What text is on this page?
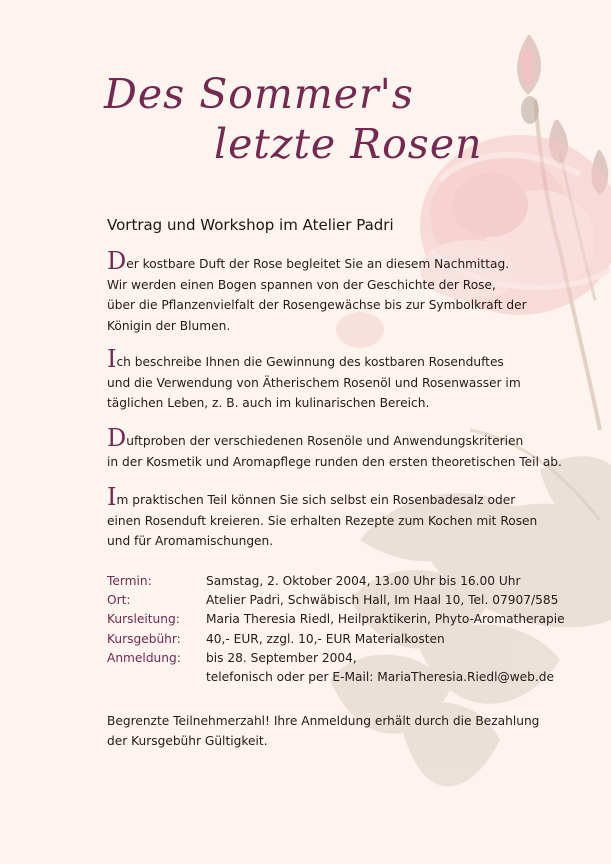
Des Sommer's
letzte Rosen
Vortrag und Workshop im Atelier Padri
Der kostbare Duft der Rose begleitet Sie an diesem Nachmittag.
Wir werden einen Bogen spannen von der Geschichte der Rose,
über die Pflanzenvielfalt der Rosengewächse bis zur Symbolkraft der
Königin der Blumen.
Ich beschreibe Ihnen die Gewinnung des kostbaren Rosenduftes
und die Verwendung von Ätherischem Rosenöl und Rosenwasser im
täglichen Leben, z. B. auch im kulinarischen Bereich.
Duftproben der verschiedenen Rosenöle und Anwendungskriterien
in der Kosmetik und Aromapflege runden den ersten theoretischen Teil ab.
Im praktischen Teil können Sie sich selbst ein Rosenbadesalz oder
einen Rosenduft kreieren. Sie erhalten Rezepte zum Kochen mit Rosen
und für Aromamischungen.
Termin:	Samstag, 2. Oktober 2004, 13.00 Uhr bis 16.00 Uhr
Ort:	Atelier Padri, Schwäbisch Hall, Im Haal 10, Tel. 07907/585
Kursleitung:	Maria Theresia Riedl, Heilpraktikerin, Phyto-Aromatherapie
Kursgebühr:	40,- EUR, zzgl. 10,- EUR Materialkosten
Anmeldung:	bis 28. September 2004,
telefonisch oder per E-Mail: MariaTheresia.Riedl@web.de
Begrenzte Teilnehmerzahl! Ihre Anmeldung erhält durch die Bezahlung
der Kursgebühr Gültigkeit.
